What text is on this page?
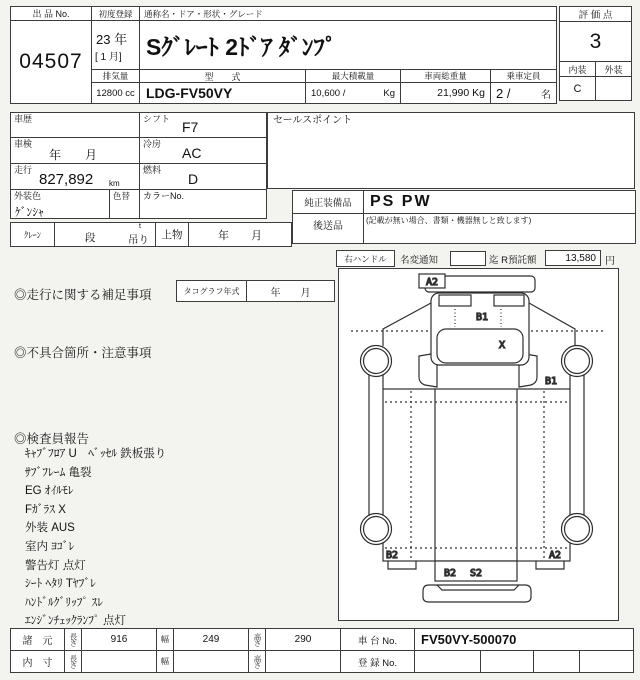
出 品 No.
04507
初度登録
23 年
[ 1 月]
排気量
12800 cc
通称名・ドア・形状・グレード
Sｸﾞﾚｰﾄ 2ﾄﾞｱ ﾀﾞﾝﾌﾟ
型　　式
LDG-FV50VY
最大積載量
10,600 /	Kg
車両総重量
21,990 Kg
乗車定員
2 /	名
評 価 点
3
内装	外装
C
車歴	シフト F7
車検
年　　月
冷房
AC
走行
827,892 km
燃料
D
外装色
ｹﾞﾝｼｬ
色替 カラーNo.
ｸﾚｰﾝ	段
t
吊り	上物	年　　月
セールスポイント
純正装備品	PS PW
後送品
(記載が無い場合、書類・機器無しと致します)
右ハンドル	名変通知	迄 R預託額	13,580 円
A2
B1
X
B1
B2	A2
B2 S2
◎走行に関する補足事項	タコグラフ年式	年　　月
◎不具合箇所・注意事項
◎検査員報告
ｷｬﾌﾞﾌﾛｱ U　ﾍﾞｯｾﾙ 鉄板張り
ｻﾌﾞﾌﾚｰﾑ 亀裂
EG ｵｲﾙﾓﾚ
Fｶﾞﾗｽ X
外装 AUS
室内 ﾖｺﾞﾚ
警告灯 点灯
ｼｰﾄ ﾍﾀﾘ Tﾔﾌﾞﾚ
ﾊﾝﾄﾞﾙｸﾞﾘｯﾌﾟ ｽﾚ
ｴﾝｼﾞﾝﾁｪｯｸﾗﾝﾌﾟ 点灯
諸　元	長さ	916	幅	249	高さ	290	車 台 No.	FV50VY-500070
内　寸	長さ	幅	高さ	登 録 No.
